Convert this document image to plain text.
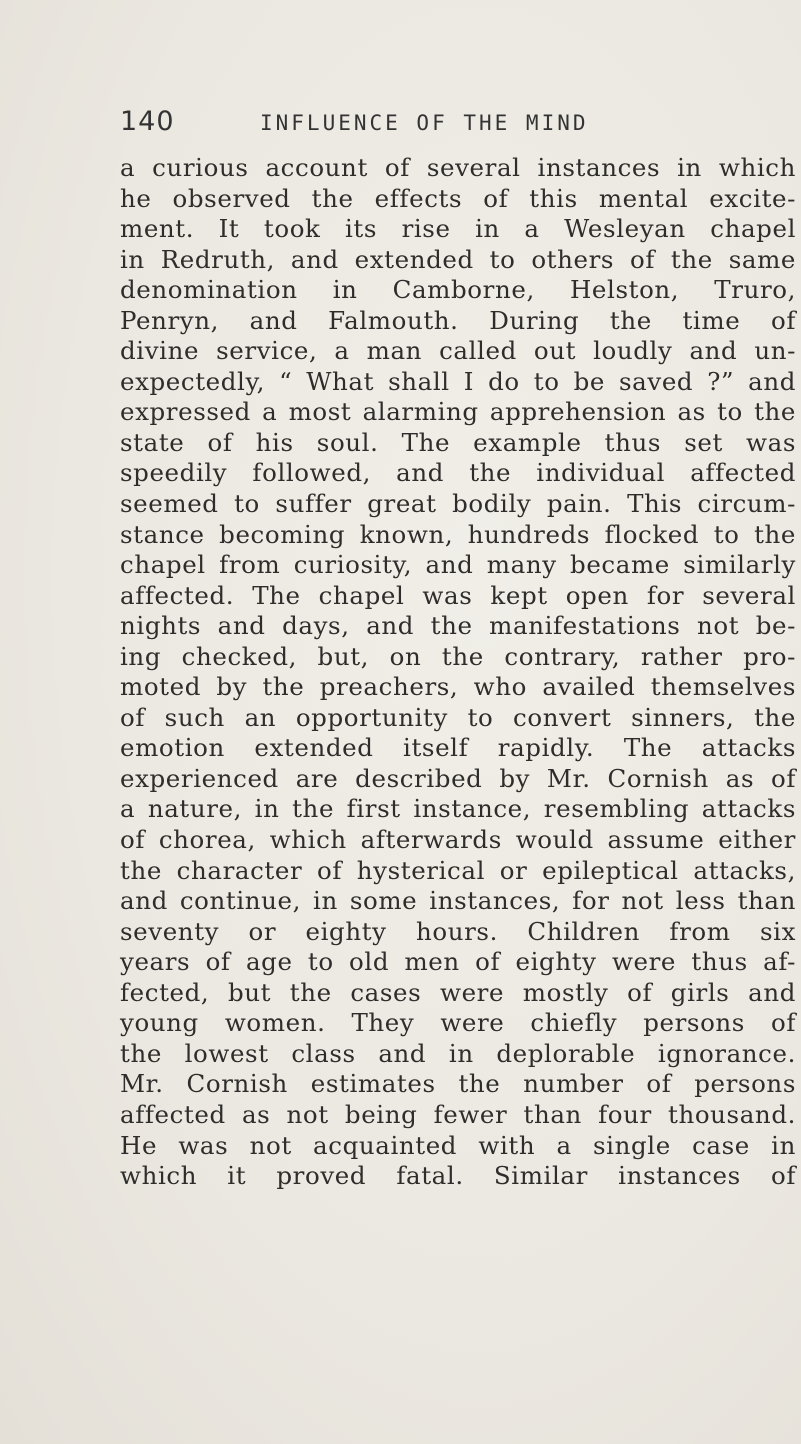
140	INFLUENCE OF THE MIND
a curious account of several instances in which
he observed the effects of this mental excite-
ment. It took its rise in a Wesleyan chapel
in Redruth, and extended to others of the same
denomination in Camborne, Helston, Truro,
Penryn, and Falmouth. During the time of
divine service, a man called out loudly and un-
expectedly, “ What shall I do to be saved ?” and
expressed a most alarming apprehension as to the
state of his soul. The example thus set was
speedily followed, and the individual affected
seemed to suffer great bodily pain. This circum-
stance becoming known, hundreds flocked to the
chapel from curiosity, and many became similarly
affected. The chapel was kept open for several
nights and days, and the manifestations not be-
ing checked, but, on the contrary, rather pro-
moted by the preachers, who availed themselves
of such an opportunity to convert sinners, the
emotion extended itself rapidly. The attacks
experienced are described by Mr. Cornish as of
a nature, in the first instance, resembling attacks
of chorea, which afterwards would assume either
the character of hysterical or epileptical attacks,
and continue, in some instances, for not less than
seventy or eighty hours. Children from six
years of age to old men of eighty were thus af-
fected, but the cases were mostly of girls and
young women. They were chiefly persons of
the lowest class and in deplorable ignorance.
Mr. Cornish estimates the number of persons
affected as not being fewer than four thousand.
He was not acquainted with a single case in
which it proved fatal. Similar instances of
